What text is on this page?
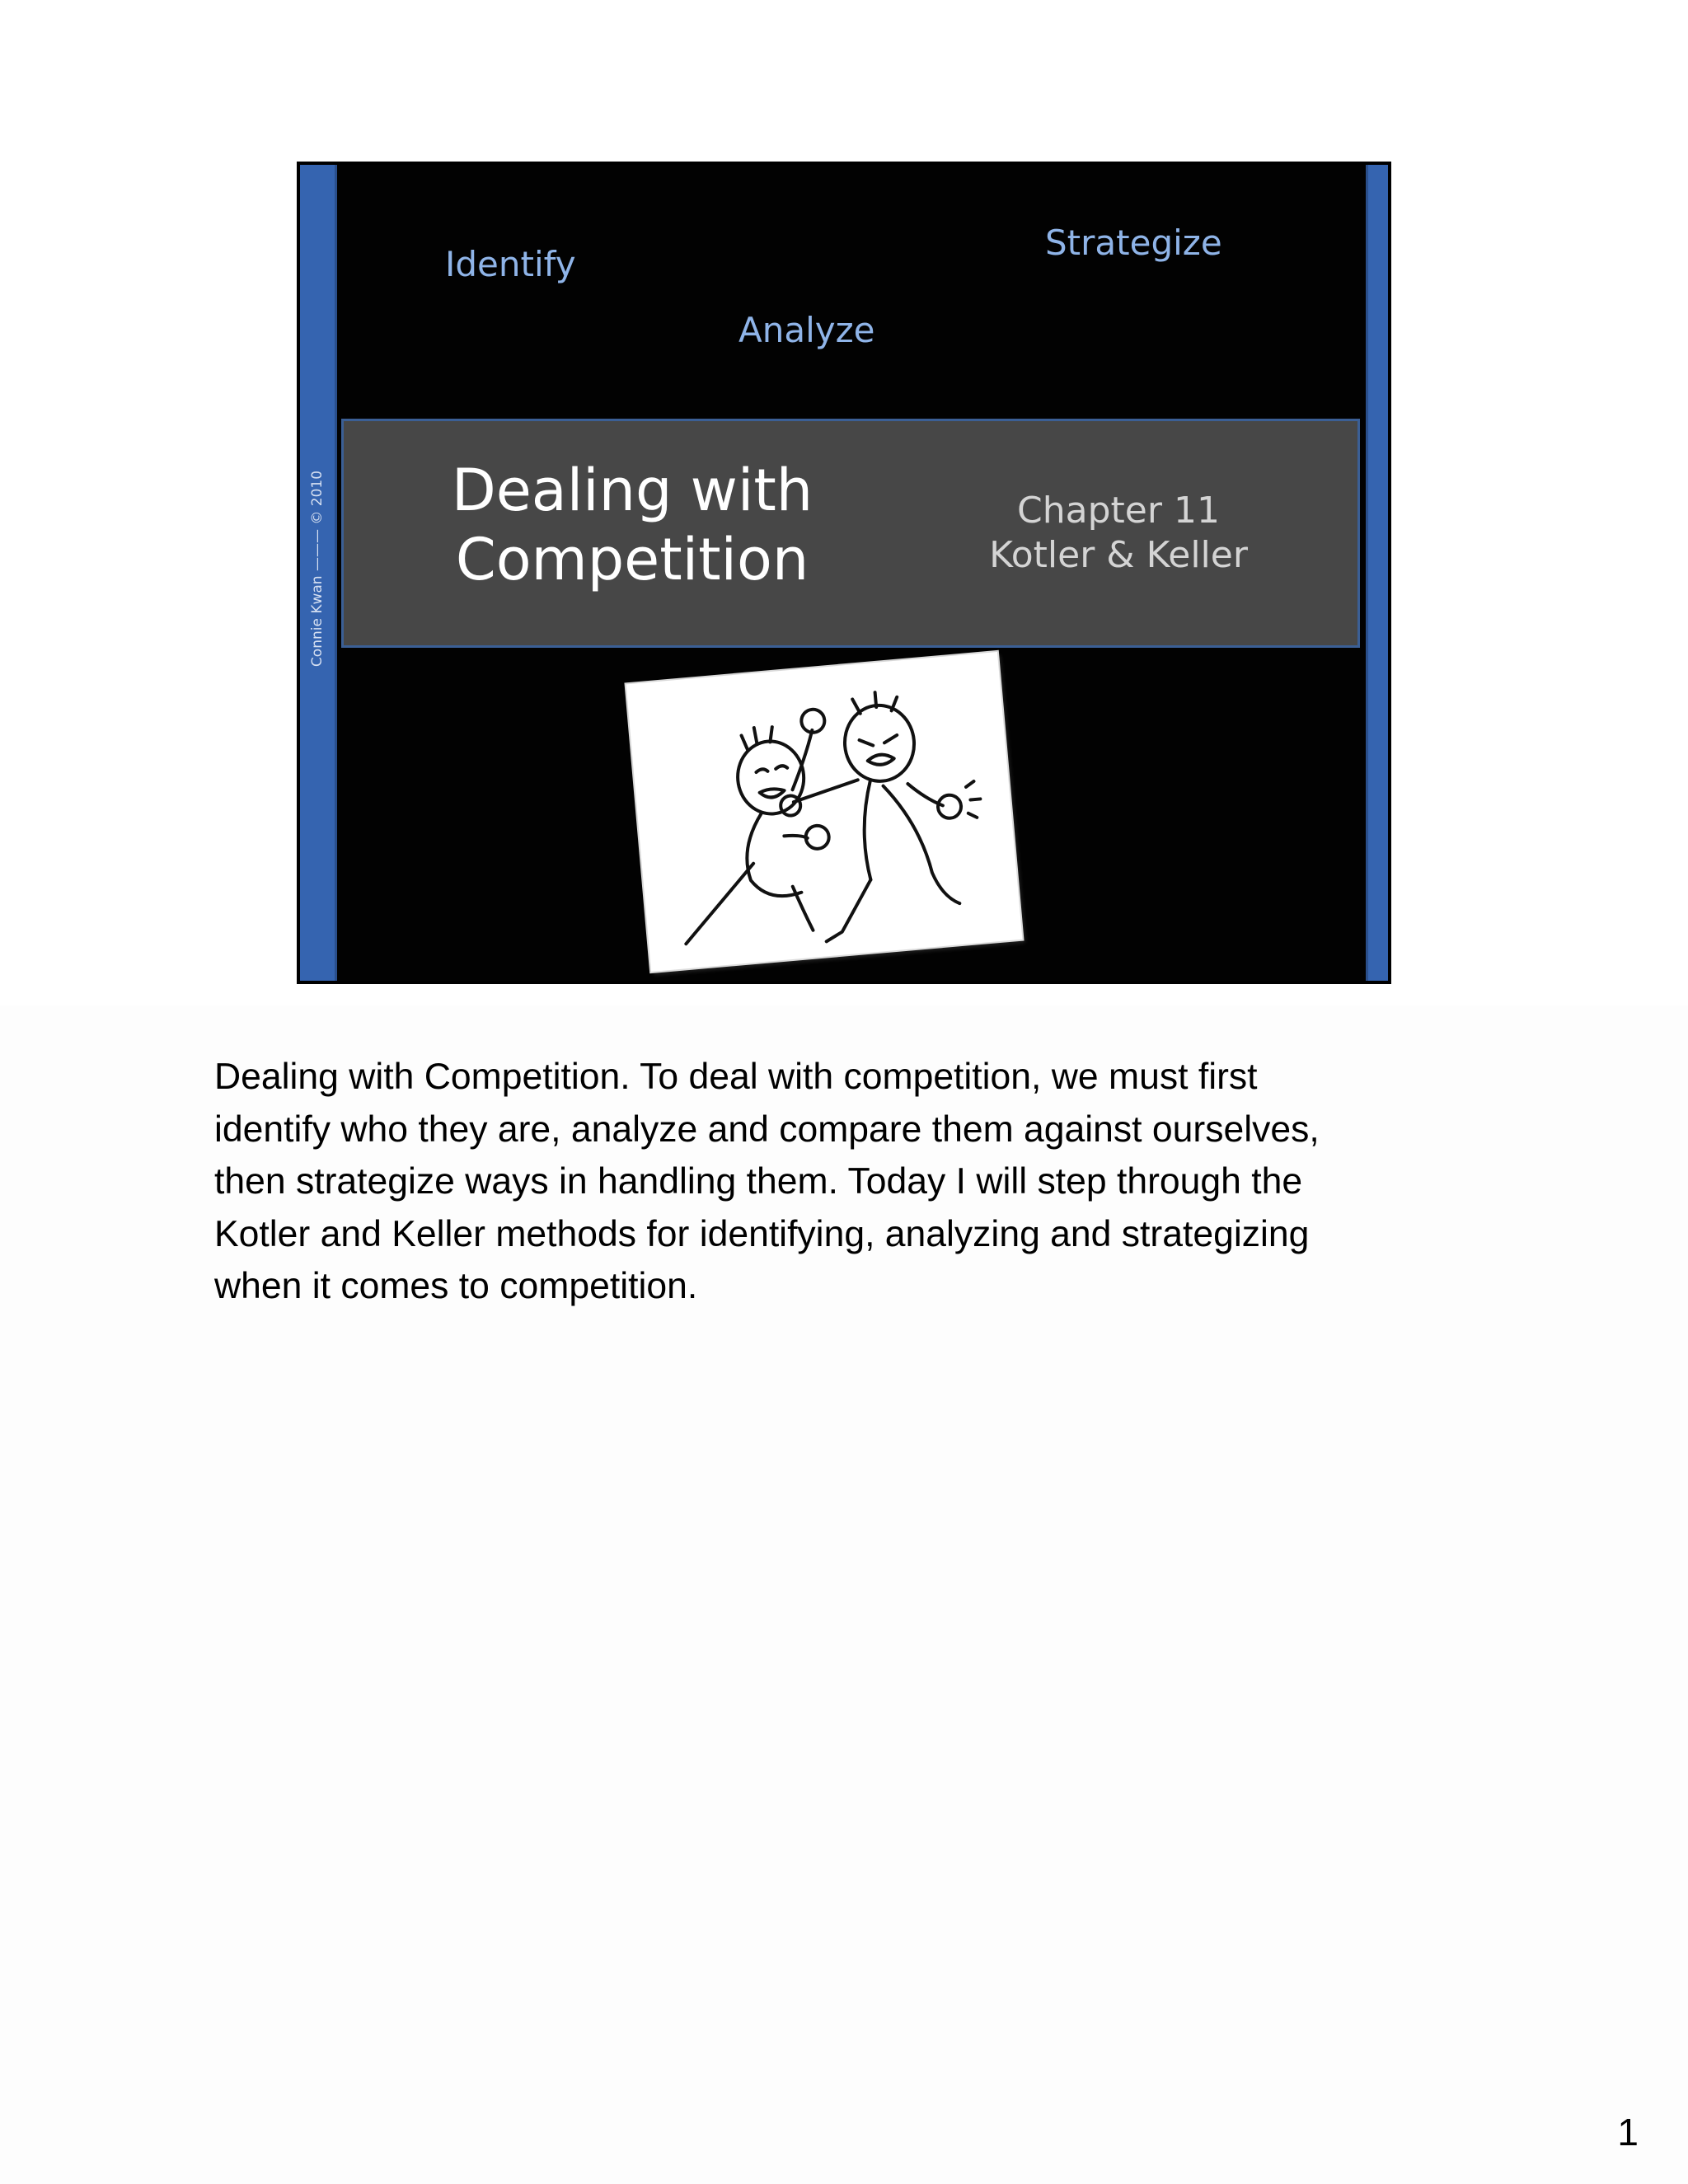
Connie Kwan ——— © 2010
Identify
Analyze
Strategize
Dealing with
Competition
Chapter 11
Kotler & Keller
Dealing with Competition. To deal with competition, we must first
identify who they are, analyze and compare them against ourselves,
then strategize ways in handling them. Today I will step through the
Kotler and Keller methods for identifying, analyzing and strategizing
when it comes to competition.
1
